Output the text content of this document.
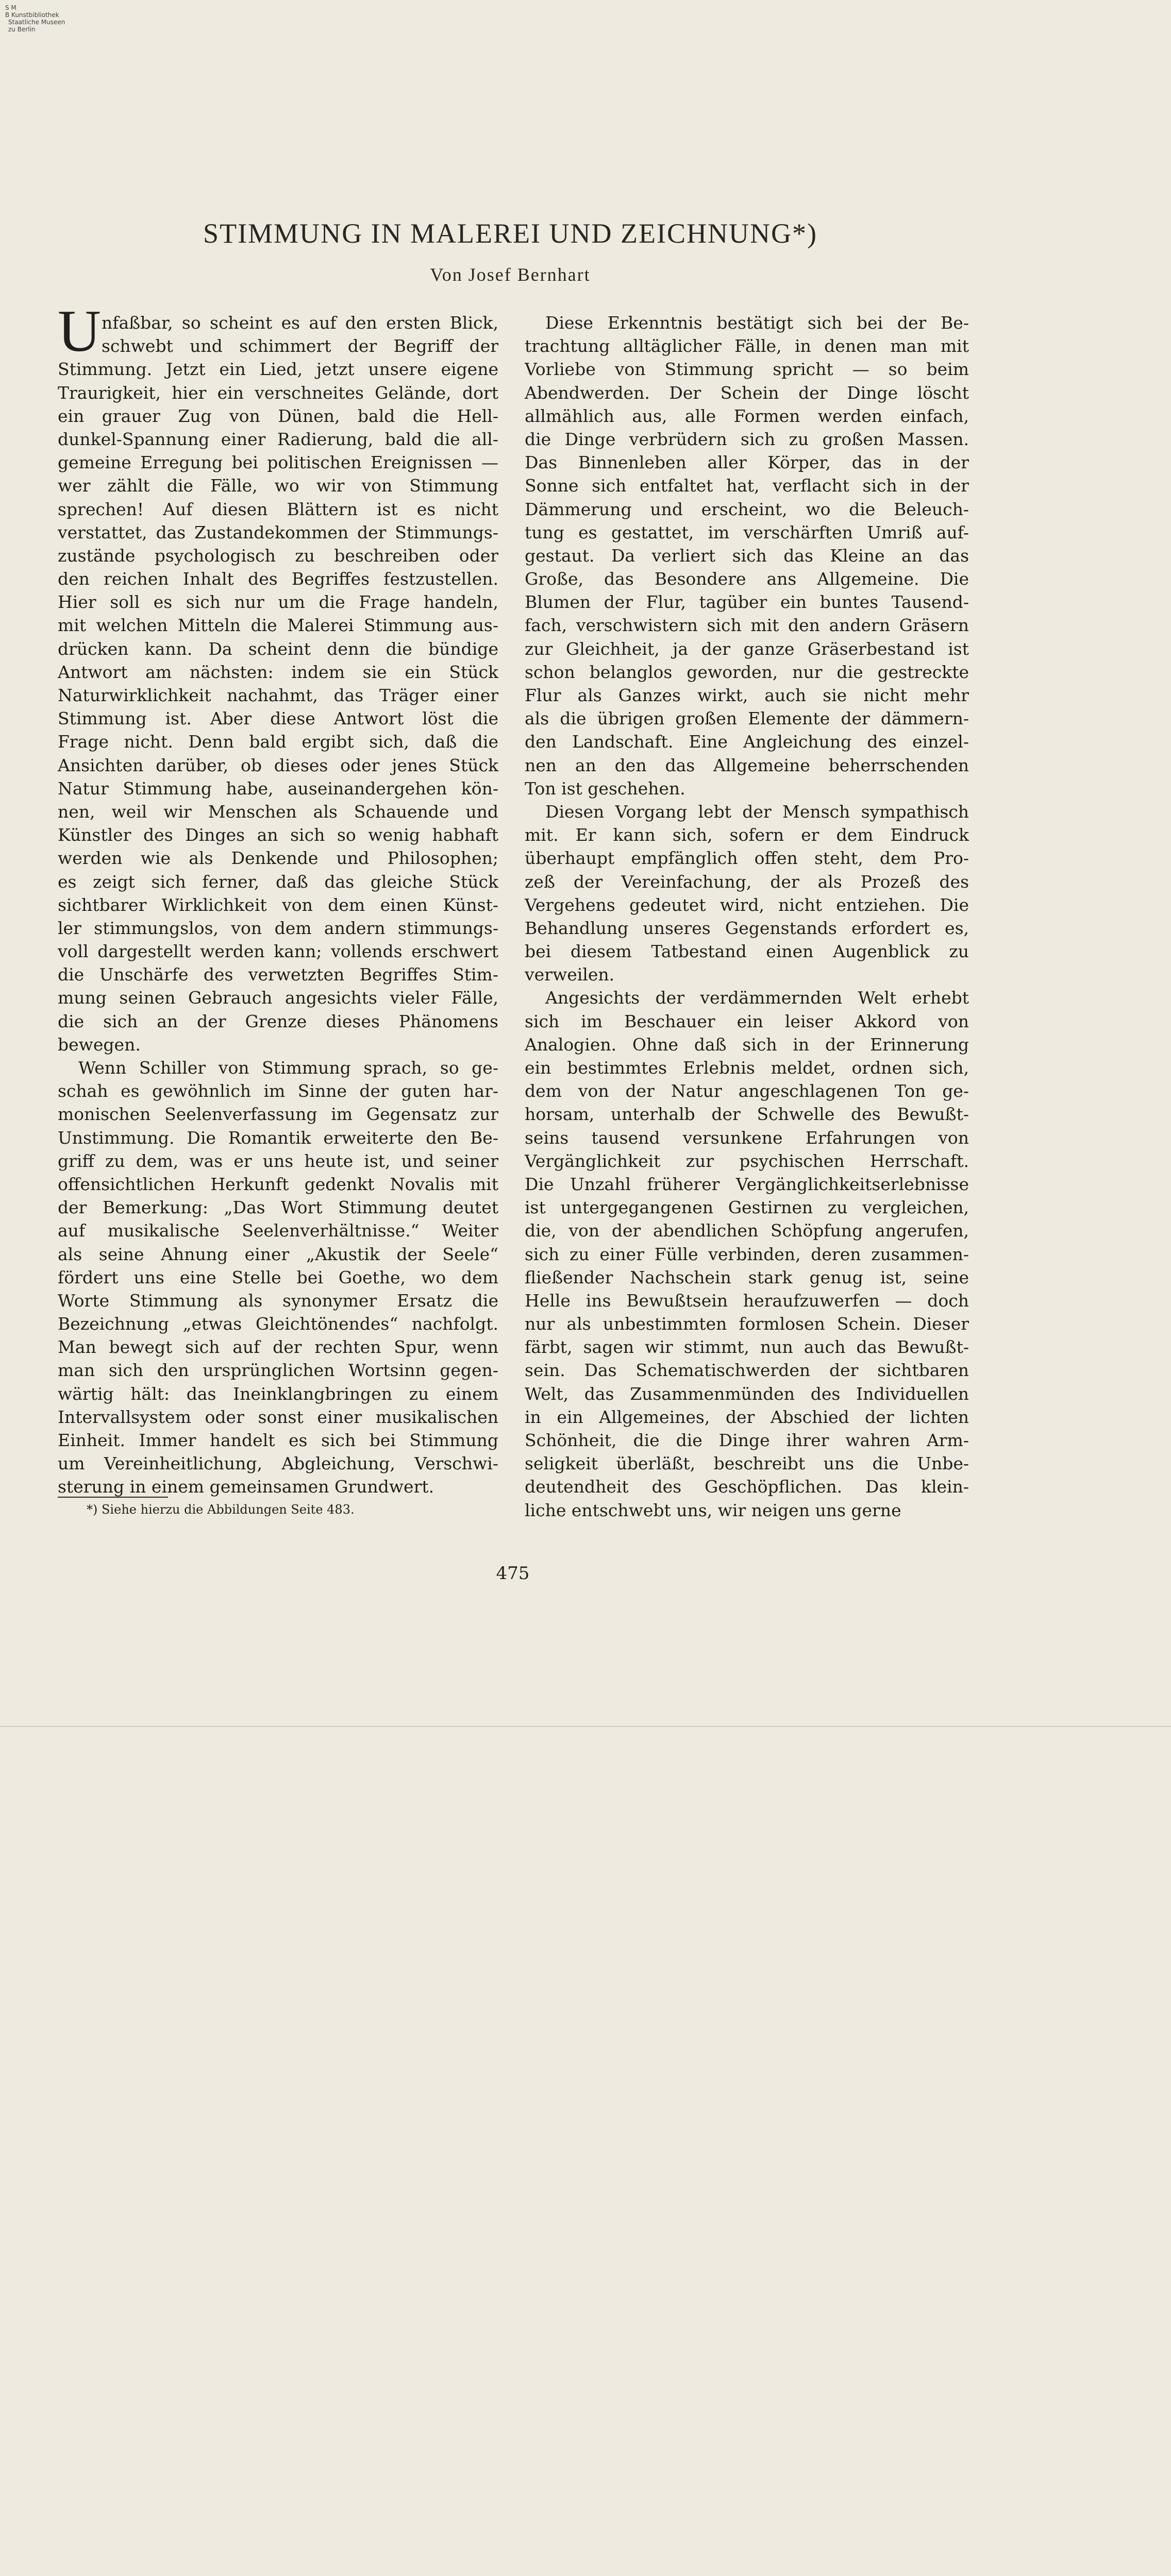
S M
B Kunstbibliothek
Staatliche Museen
zu Berlin
STIMMUNG IN MALEREI UND ZEICHNUNG*)
Von Josef Bernhart
U nfaßbar, so scheint es auf den ersten Blick,
schwebt und schimmert der Begriff der
Stimmung. Jetzt ein Lied, jetzt unsere eigene
Traurigkeit, hier ein verschneites Gelände, dort
ein grauer Zug von Dünen, bald die Hell-
dunkel-Spannung einer Radierung, bald die all-
gemeine Erregung bei politischen Ereignissen —
wer zählt die Fälle, wo wir von Stimmung
sprechen! Auf diesen Blättern ist es nicht
verstattet, das Zustandekommen der Stimmungs-
zustände psychologisch zu beschreiben oder
den reichen Inhalt des Begriffes festzustellen.
Hier soll es sich nur um die Frage handeln,
mit welchen Mitteln die Malerei Stimmung aus-
drücken kann. Da scheint denn die bündige
Antwort am nächsten: indem sie ein Stück
Naturwirklichkeit nachahmt, das Träger einer
Stimmung ist. Aber diese Antwort löst die
Frage nicht. Denn bald ergibt sich, daß die
Ansichten darüber, ob dieses oder jenes Stück
Natur Stimmung habe, auseinandergehen kön-
nen, weil wir Menschen als Schauende und
Künstler des Dinges an sich so wenig habhaft
werden wie als Denkende und Philosophen;
es zeigt sich ferner, daß das gleiche Stück
sichtbarer Wirklichkeit von dem einen Künst-
ler stimmungslos, von dem andern stimmungs-
voll dargestellt werden kann; vollends erschwert
die Unschärfe des verwetzten Begriffes Stim-
mung seinen Gebrauch angesichts vieler Fälle,
die sich an der Grenze dieses Phänomens
bewegen.
Wenn Schiller von Stimmung sprach, so ge-
schah es gewöhnlich im Sinne der guten har-
monischen Seelenverfassung im Gegensatz zur
Unstimmung. Die Romantik erweiterte den Be-
griff zu dem, was er uns heute ist, und seiner
offensichtlichen Herkunft gedenkt Novalis mit
der Bemerkung: „Das Wort Stimmung deutet
auf musikalische Seelenverhältnisse.“ Weiter
als seine Ahnung einer „Akustik der Seele“
fördert uns eine Stelle bei Goethe, wo dem
Worte Stimmung als synonymer Ersatz die
Bezeichnung „etwas Gleichtönendes“ nachfolgt.
Man bewegt sich auf der rechten Spur, wenn
man sich den ursprünglichen Wortsinn gegen-
wärtig hält: das Ineinklangbringen zu einem
Intervallsystem oder sonst einer musikalischen
Einheit. Immer handelt es sich bei Stimmung
um Vereinheitlichung, Abgleichung, Verschwi-
sterung in einem gemeinsamen Grundwert.
Diese Erkenntnis bestätigt sich bei der Be-
trachtung alltäglicher Fälle, in denen man mit
Vorliebe von Stimmung spricht — so beim
Abendwerden. Der Schein der Dinge löscht
allmählich aus, alle Formen werden einfach,
die Dinge verbrüdern sich zu großen Massen.
Das Binnenleben aller Körper, das in der
Sonne sich entfaltet hat, verflacht sich in der
Dämmerung und erscheint, wo die Beleuch-
tung es gestattet, im verschärften Umriß auf-
gestaut. Da verliert sich das Kleine an das
Große, das Besondere ans Allgemeine. Die
Blumen der Flur, tagüber ein buntes Tausend-
fach, verschwistern sich mit den andern Gräsern
zur Gleichheit, ja der ganze Gräserbestand ist
schon belanglos geworden, nur die gestreckte
Flur als Ganzes wirkt, auch sie nicht mehr
als die übrigen großen Elemente der dämmern-
den Landschaft. Eine Angleichung des einzel-
nen an den das Allgemeine beherrschenden
Ton ist geschehen.
Diesen Vorgang lebt der Mensch sympathisch
mit. Er kann sich, sofern er dem Eindruck
überhaupt empfänglich offen steht, dem Pro-
zeß der Vereinfachung, der als Prozeß des
Vergehens gedeutet wird, nicht entziehen. Die
Behandlung unseres Gegenstands erfordert es,
bei diesem Tatbestand einen Augenblick zu
verweilen.
Angesichts der verdämmernden Welt erhebt
sich im Beschauer ein leiser Akkord von
Analogien. Ohne daß sich in der Erinnerung
ein bestimmtes Erlebnis meldet, ordnen sich,
dem von der Natur angeschlagenen Ton ge-
horsam, unterhalb der Schwelle des Bewußt-
seins tausend versunkene Erfahrungen von
Vergänglichkeit zur psychischen Herrschaft.
Die Unzahl früherer Vergänglichkeitserlebnisse
ist untergegangenen Gestirnen zu vergleichen,
die, von der abendlichen Schöpfung angerufen,
sich zu einer Fülle verbinden, deren zusammen-
fließender Nachschein stark genug ist, seine
Helle ins Bewußtsein heraufzuwerfen — doch
nur als unbestimmten formlosen Schein. Dieser
färbt, sagen wir stimmt, nun auch das Bewußt-
sein. Das Schematischwerden der sichtbaren
Welt, das Zusammenmünden des Individuellen
in ein Allgemeines, der Abschied der lichten
Schönheit, die die Dinge ihrer wahren Arm-
seligkeit überläßt, beschreibt uns die Unbe-
deutendheit des Geschöpflichen. Das klein-
liche entschwebt uns, wir neigen uns gerne
*) Siehe hierzu die Abbildungen Seite 483.
475
